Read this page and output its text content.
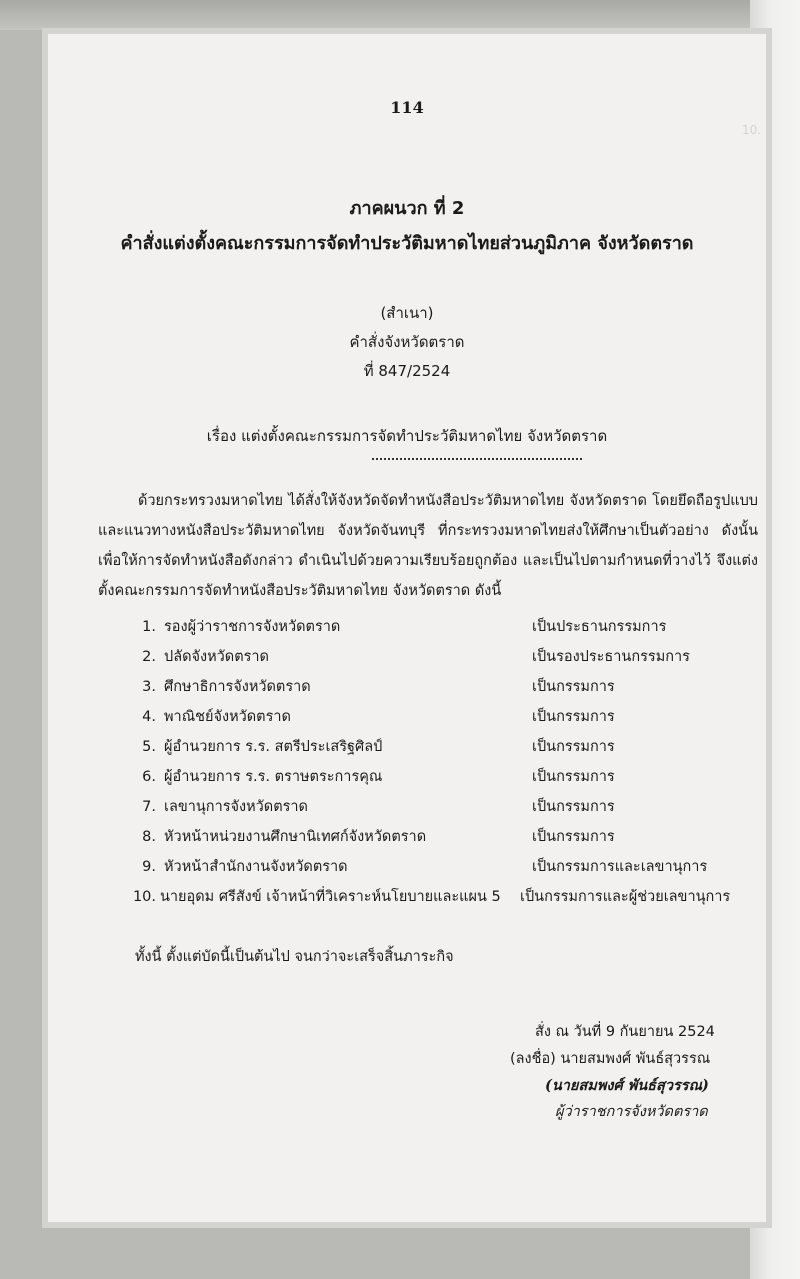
10.
114
ภาคผนวก ที่ 2
คำสั่งแต่งตั้งคณะกรรมการจัดทำประวัติมหาดไทยส่วนภูมิภาค จังหวัดตราด
(สำเนา)
คำสั่งจังหวัดตราด
ที่ 847/2524
เรื่อง แต่งตั้งคณะกรรมการจัดทำประวัติมหาดไทย จังหวัดตราด
ด้วยกระทรวงมหาดไทย ได้สั่งให้จังหวัดจัดทำหนังสือประวัติมหาดไทย จังหวัดตราด โดยยึดถือรูปแบบและแนวทางหนังสือประวัติมหาดไทย จังหวัดจันทบุรี ที่กระทรวงมหาดไทยส่งให้ศึกษาเป็นตัวอย่าง ดังนั้น เพื่อให้การจัดทำหนังสือดังกล่าว ดำเนินไปด้วยความเรียบร้อยถูกต้อง และเป็นไปตามกำหนดที่วางไว้ จึงแต่งตั้งคณะกรรมการจัดทำหนังสือประวัติมหาดไทย จังหวัดตราด ดังนี้
1. รองผู้ว่าราชการจังหวัดตราด	เป็นประธานกรรมการ
2. ปลัดจังหวัดตราด	เป็นรองประธานกรรมการ
3. ศึกษาธิการจังหวัดตราด	เป็นกรรมการ
4. พาณิชย์จังหวัดตราด	เป็นกรรมการ
5. ผู้อำนวยการ ร.ร. สตรีประเสริฐศิลป์	เป็นกรรมการ
6. ผู้อำนวยการ ร.ร. ตราษตระการคุณ	เป็นกรรมการ
7. เลขานุการจังหวัดตราด	เป็นกรรมการ
8. หัวหน้าหน่วยงานศึกษานิเทศก์จังหวัดตราด	เป็นกรรมการ
9. หัวหน้าสำนักงานจังหวัดตราด	เป็นกรรมการและเลขานุการ
10. นายอุดม ศรีสังข์ เจ้าหน้าที่วิเคราะห์นโยบายและแผน 5 เป็นกรรมการและผู้ช่วยเลขานุการ
ทั้งนี้ ตั้งแต่บัดนี้เป็นต้นไป จนกว่าจะเสร็จสิ้นภาระกิจ
สั่ง ณ วันที่ 9 กันยายน 2524
(ลงชื่อ) นายสมพงศ์ พันธ์สุวรรณ
(นายสมพงศ์ พันธ์สุวรรณ)
ผู้ว่าราชการจังหวัดตราด
